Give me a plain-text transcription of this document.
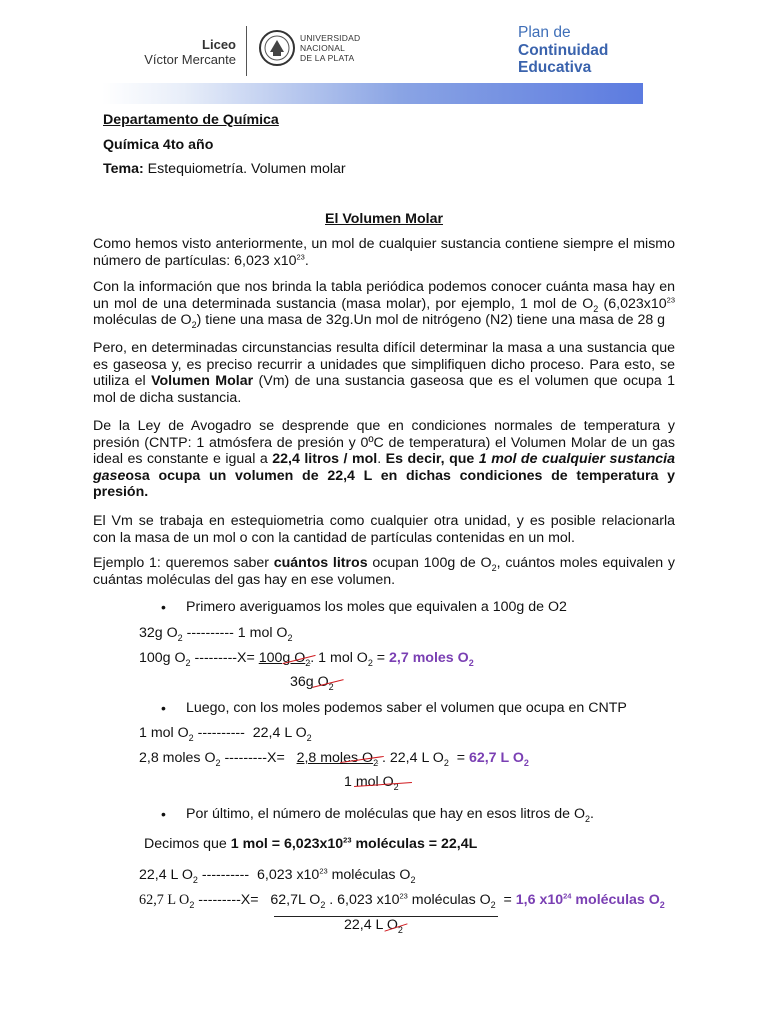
Liceo
Víctor Mercante
UNIVERSIDAD
NACIONAL
DE LA PLATA
Plan de
Continuidad
Educativa
Departamento de Química
Química 4to año
Tema: Estequiometría. Volumen molar
El Volumen Molar
Como hemos visto anteriormente, un mol de cualquier sustancia contiene siempre el mismo número de partículas: 6,023 $x10^{23}$.
Con la información que nos brinda la tabla periódica podemos conocer cuánta masa hay en un mol de una determinada sustancia (masa molar), por ejemplo, 1 mol de $O_2$ ($6,023x10^{23}$ moléculas de $O_2$) tiene una masa de 32g.Un mol de nitrógeno (N2) tiene una masa de 28 g
Pero, en determinadas circunstancias resulta difícil determinar la masa a una sustancia que es gaseosa y, es preciso recurrir a unidades que simplifiquen dicho proceso. Para esto, se utiliza el Volumen Molar (Vm) de una sustancia gaseosa que es el volumen que ocupa 1 mol de dicha sustancia.
De la Ley de Avogadro se desprende que en condiciones normales de temperatura y presión (CNTP: 1 atmósfera de presión y 0ºC de temperatura) el Volumen Molar de un gas ideal es constante e igual a 22,4 litros / mol. Es decir, que 1 mol de cualquier sustancia gaseosa ocupa un volumen de 22,4 L en dichas condiciones de temperatura y presión.
El Vm se trabaja en estequiometria como cualquier otra unidad, y es posible relacionarla con la masa de un mol o con la cantidad de partículas contenidas en un mol.
Ejemplo 1: queremos saber cuántos litros ocupan 100g de $O_2$, cuántos moles equivalen y cuántas moléculas del gas hay en ese volumen.
• Primero averiguamos los moles que equivalen a 100g de O2
32g $O_2$ ---------- 1 mol $O_2$
100g $O_2$ ---------X= 100g $O_2$. 1 mol $O_2 = 2,7$ moles $O_2$
36g $O_2$
• Luego, con los moles podemos saber el volumen que ocupa en CNTP
1 mol $O_2$ ----------  22,4 L $O_2$
2,8 moles $O_2$ ---------X=   2,8 moles $O_2$ . 22,4 L $O_2 = 62,7$ L $O_2$
1 mol $O_2$
• Por último, el número de moléculas que hay en esos litros de $O_2$.
Decimos que 1 mol = $6,023x10^{23}$ moléculas = 22,4L
22,4 L $O_2$ ----------  6,023 $x10^{23}$ moléculas $O_2$
62,7 L $O_2$ ---------X=   62,7L $O_2$ . 6,023 $x10^{23}$ moléculas $O_2 = 1,6$ $x10^{24}$ moléculas $O_2$
22,4 L $O_2$
